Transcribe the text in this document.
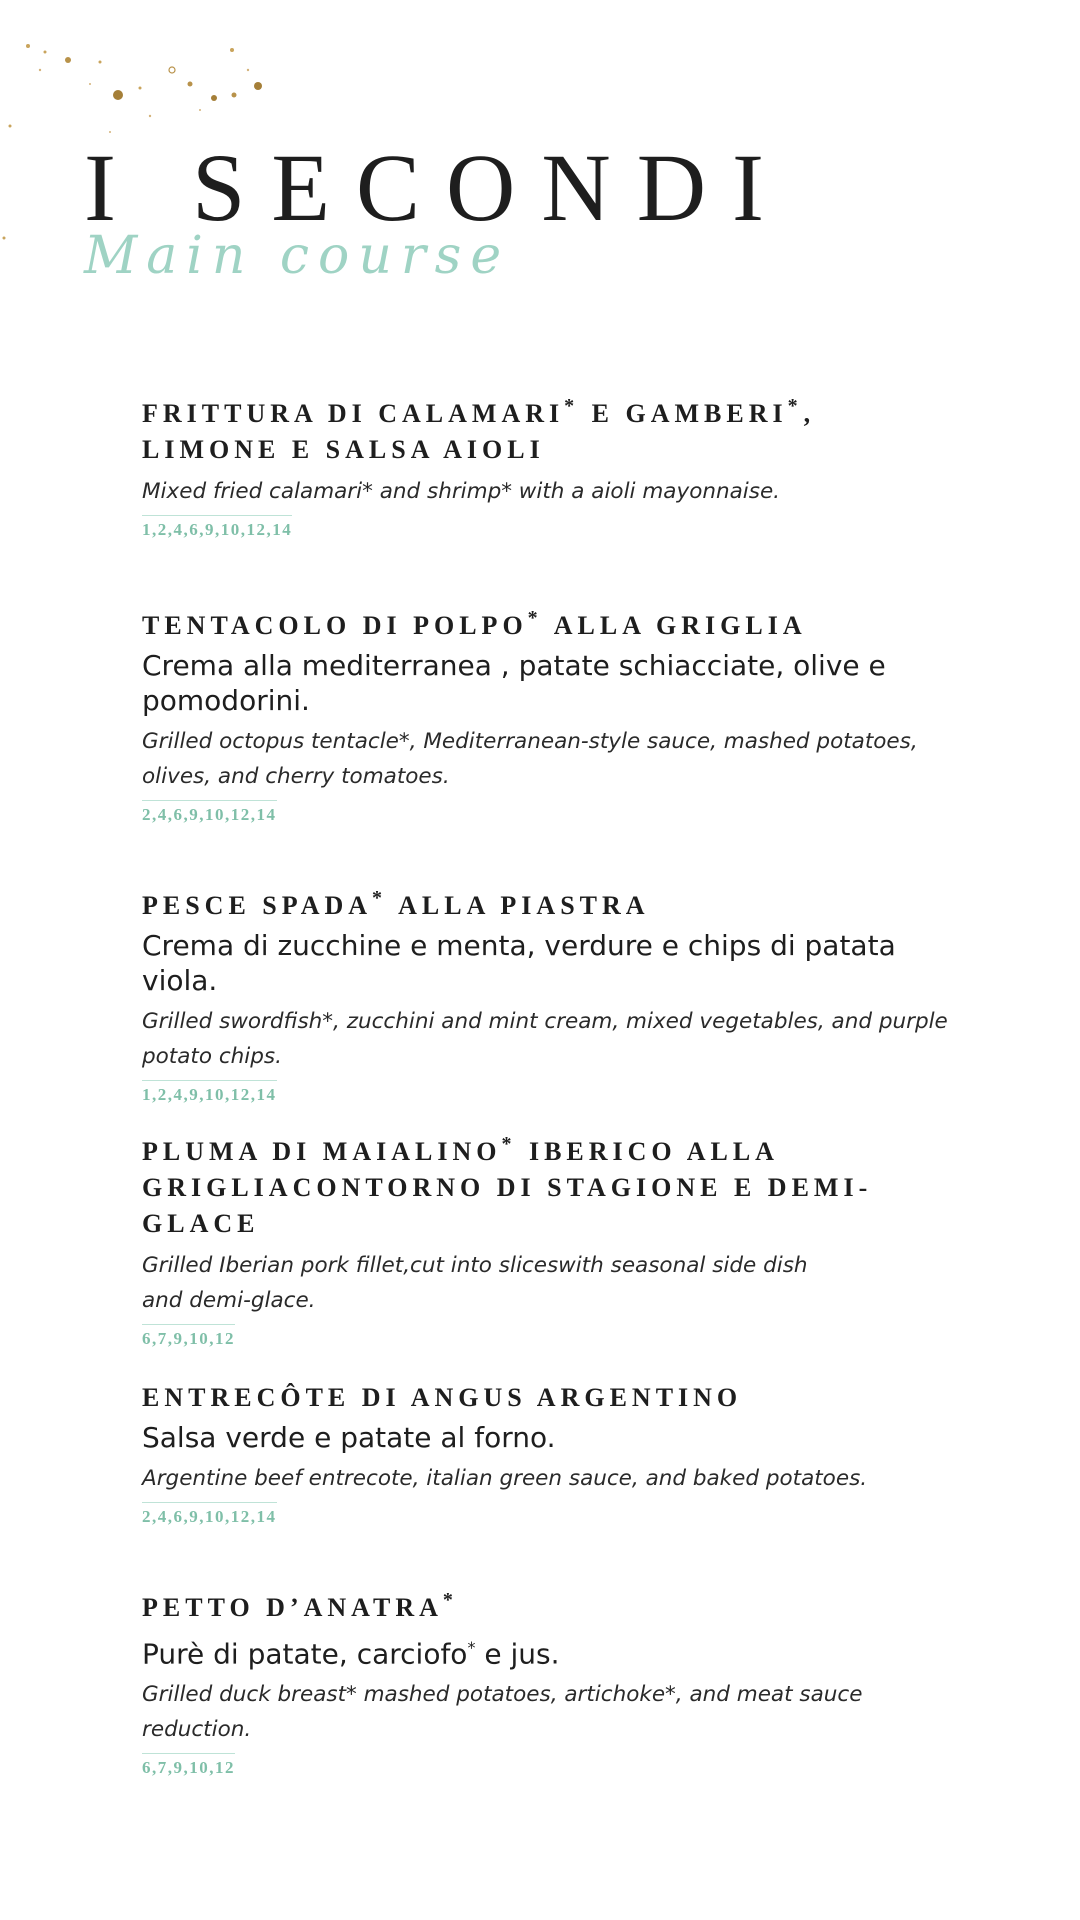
I SECONDI
Main course
FRITTURA DI CALAMARI* E GAMBERI* ,
LIMONE E SALSA AIOLI
Mixed fried calamari* and shrimp* with a aioli mayonnaise.
1,2,4,6,9,10,12,14
TENTACOLO DI POLPO* ALLA GRIGLIA
Crema alla mediterranea , patate schiacciate, olive e pomodorini.
Grilled octopus tentacle*, Mediterranean-style sauce, mashed potatoes, olives, and cherry tomatoes.
2,4,6,9,10,12,14
PESCE SPADA* ALLA PIASTRA
Crema di zucchine e menta, verdure e chips di patata viola.
Grilled swordfish*, zucchini and mint cream, mixed vegetables, and purple potato chips.
1,2,4,9,10,12,14
PLUMA DI MAIALINO* IBERICO ALLA
GRIGLIACONTORNO DI STAGIONE E DEMI-GLACE
Grilled Iberian pork fillet,cut into sliceswith seasonal side dish
and demi-glace.
6,7,9,10,12
ENTRECÔTE DI ANGUS ARGENTINO
Salsa verde e patate al forno.
Argentine beef entrecote, italian green sauce, and baked potatoes.
2,4,6,9,10,12,14
PETTO D’ANATRA*
Purè di patate, carciofo* e jus.
Grilled duck breast* mashed potatoes, artichoke*, and meat sauce reduction.
6,7,9,10,12
